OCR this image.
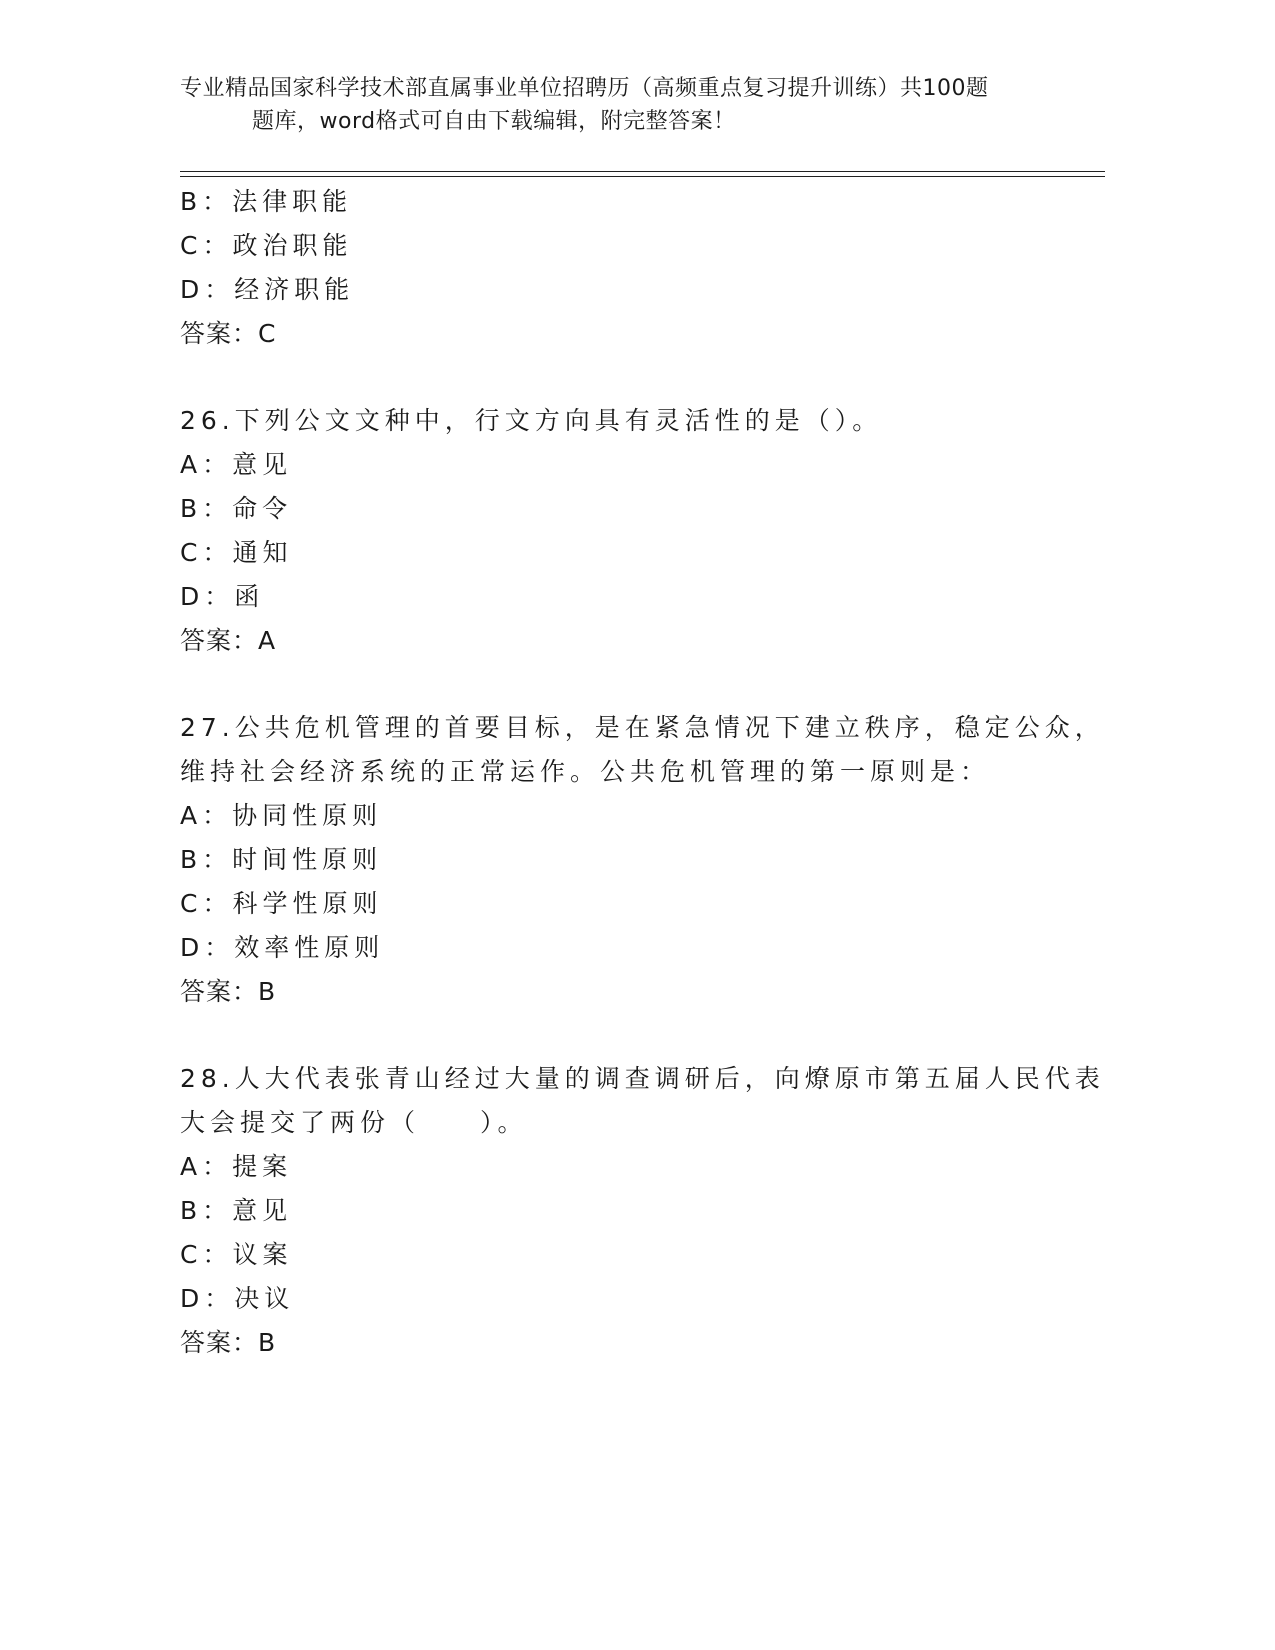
专业精品国家科学技术部直属事业单位招聘历（高频重点复习提升训练）共100题
题库，word格式可自由下载编辑，附完整答案！
B：法律职能
C：政治职能
D：经济职能
答案：C
26.下列公文文种中，行文方向具有灵活性的是（）。
A：意见
B：命令
C：通知
D：函
答案：A
27.公共危机管理的首要目标，是在紧急情况下建立秩序，稳定公众，
维持社会经济系统的正常运作。公共危机管理的第一原则是：
A：协同性原则
B：时间性原则
C：科学性原则
D：效率性原则
答案：B
28.人大代表张青山经过大量的调查调研后，向燎原市第五届人民代表
大会提交了两份（　　）。
A：提案
B：意见
C：议案
D：决议
答案：B
